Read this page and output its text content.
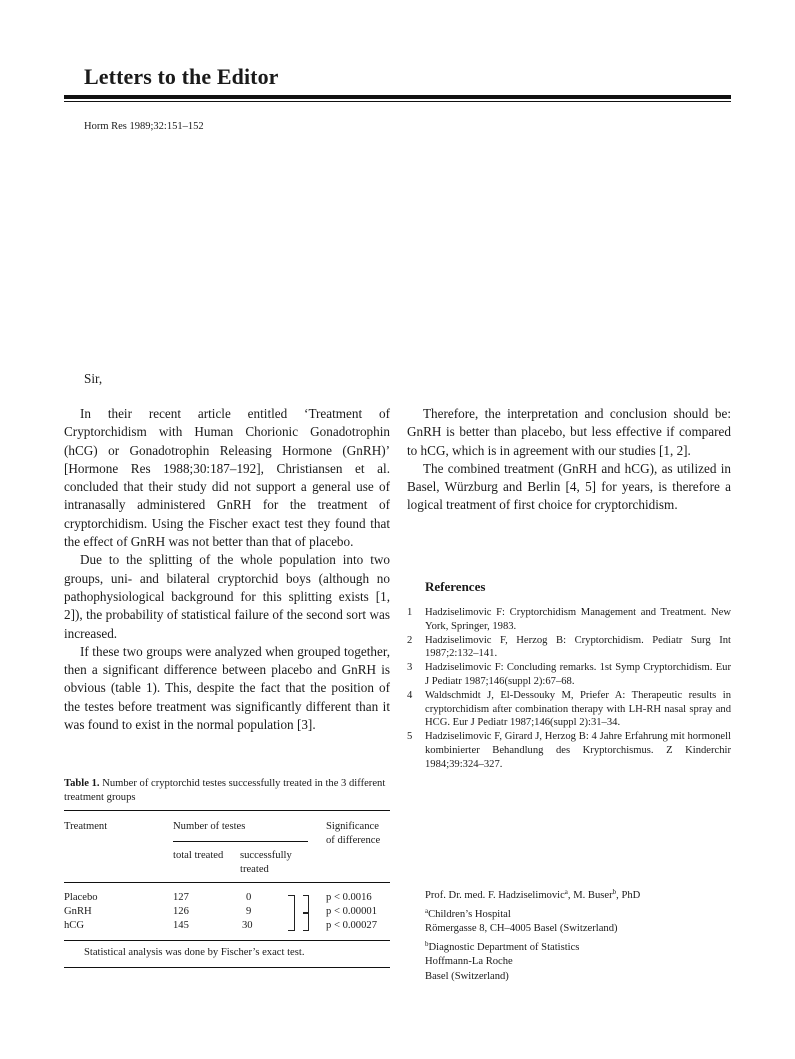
Letters to the Editor
Horm Res 1989;32:151–152
Sir,

In their recent article entitled ‘Treatment of Cryptorchidism with Human Chorionic Gonadotrophin (hCG) or Gonadotrophin Releasing Hormone (GnRH)’ [Hormone Res 1988;30:187–192], Christiansen et al. concluded that their study did not support a general use of intranasally administered GnRH for the treatment of cryptorchidism. Using the Fischer exact test they found that the effect of GnRH was not better than that of placebo.

Due to the splitting of the whole population into two groups, uni- and bilateral cryptorchid boys (although no pathophysiological background for this splitting exists [1, 2]), the probability of statistical failure of the second sort was increased.

If these two groups were analyzed when grouped together, then a significant difference between placebo and GnRH is obvious (table 1). This, despite the fact that the position of the testes before treatment was significantly different than it was found to exist in the normal population [3].

Therefore, the interpretation and conclusion should be: GnRH is better than placebo, but less effective if compared to hCG, which is in agreement with our studies [1, 2].

The combined treatment (GnRH and hCG), as utilized in Basel, Würzburg and Berlin [4, 5] for years, is therefore a logical treatment of first choice for cryptorchidism.

References
1	Hadziselimovic F: Cryptorchidism Management and Treatment. New York, Springer, 1983.
2	Hadziselimovic F, Herzog B: Cryptorchidism. Pediatr Surg Int 1987;2:132–141.
3	Hadziselimovic F: Concluding remarks. 1st Symp Cryptorchidism. Eur J Pediatr 1987;146(suppl 2):67–68.
4	Waldschmidt J, El-Dessouky M, Priefer A: Therapeutic results in cryptorchidism after combination therapy with LH-RH nasal spray and HCG. Eur J Pediatr 1987;146(suppl 2):31–34.
5	Hadziselimovic F, Girard J, Herzog B: 4 Jahre Erfahrung mit hormonell kombinierter Behandlung des Kryptorchismus. Z Kinderchir 1984;39:324–327.
Table 1. Number of cryptorchid testes successfully treated in the 3 different treatment groups
Treatment	Number of testes	Significance of difference
total treated successfully treated
Placebo	127	0	p < 0.0016
GnRH	126	9	p < 0.00001
hCG	145	30	p < 0.00027
Statistical analysis was done by Fischer’s exact test.
Prof. Dr. med. F. Hadziselimovic$^a$, M. Buser$^b$, PhD
$^a$Children’s Hospital
Römergasse 8, CH–4005 Basel (Switzerland)
$^b$Diagnostic Department of Statistics
Hoffmann-La Roche
Basel (Switzerland)
